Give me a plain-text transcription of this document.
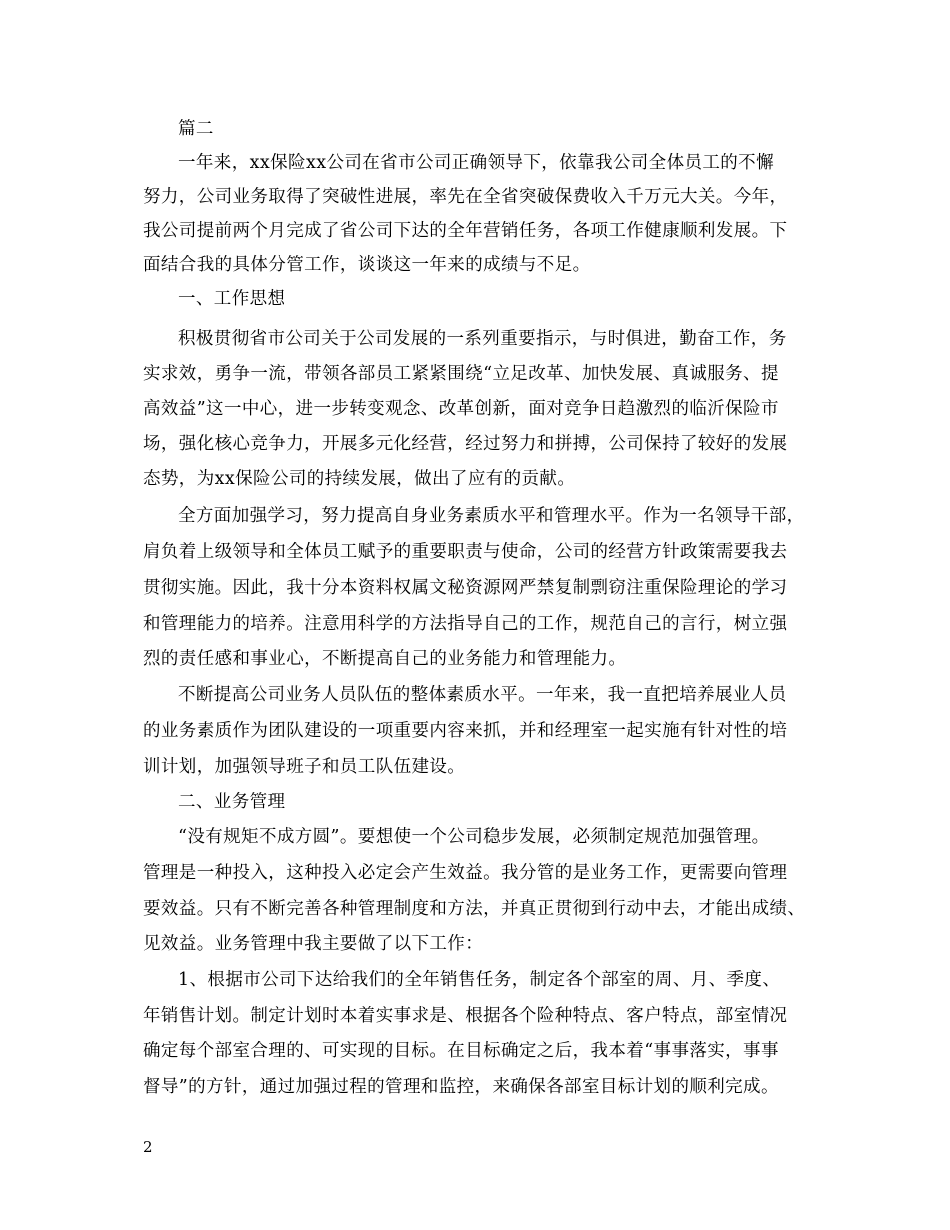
篇二
一年来，xx保险xx公司在省市公司正确领导下，依靠我公司全体员工的不懈
努力，公司业务取得了突破性进展，率先在全省突破保费收入千万元大关。今年，
我公司提前两个月完成了省公司下达的全年营销任务，各项工作健康顺利发展。下
面结合我的具体分管工作，谈谈这一年来的成绩与不足。
一、工作思想
积极贯彻省市公司关于公司发展的一系列重要指示，与时俱进，勤奋工作，务
实求效，勇争一流，带领各部员工紧紧围绕“立足改革、加快发展、真诚服务、提
高效益”这一中心，进一步转变观念、改革创新，面对竞争日趋激烈的临沂保险市
场，强化核心竞争力，开展多元化经营，经过努力和拼搏，公司保持了较好的发展
态势，为xx保险公司的持续发展，做出了应有的贡献。
全方面加强学习，努力提高自身业务素质水平和管理水平。作为一名领导干部，
肩负着上级领导和全体员工赋予的重要职责与使命，公司的经营方针政策需要我去
贯彻实施。因此，我十分本资料权属文秘资源网严禁复制剽窃注重保险理论的学习
和管理能力的培养。注意用科学的方法指导自己的工作，规范自己的言行，树立强
烈的责任感和事业心，不断提高自己的业务能力和管理能力。
不断提高公司业务人员队伍的整体素质水平。一年来，我一直把培养展业人员
的业务素质作为团队建设的一项重要内容来抓，并和经理室一起实施有针对性的培
训计划，加强领导班子和员工队伍建设。
二、业务管理
“没有规矩不成方圆”。要想使一个公司稳步发展，必须制定规范加强管理。
管理是一种投入，这种投入必定会产生效益。我分管的是业务工作，更需要向管理
要效益。只有不断完善各种管理制度和方法，并真正贯彻到行动中去，才能出成绩、
见效益。业务管理中我主要做了以下工作：
1、根据市公司下达给我们的全年销售任务，制定各个部室的周、月、季度、
年销售计划。制定计划时本着实事求是、根据各个险种特点、客户特点，部室情况
确定每个部室合理的、可实现的目标。在目标确定之后，我本着“事事落实，事事
督导”的方针，通过加强过程的管理和监控，来确保各部室目标计划的顺利完成。
2
